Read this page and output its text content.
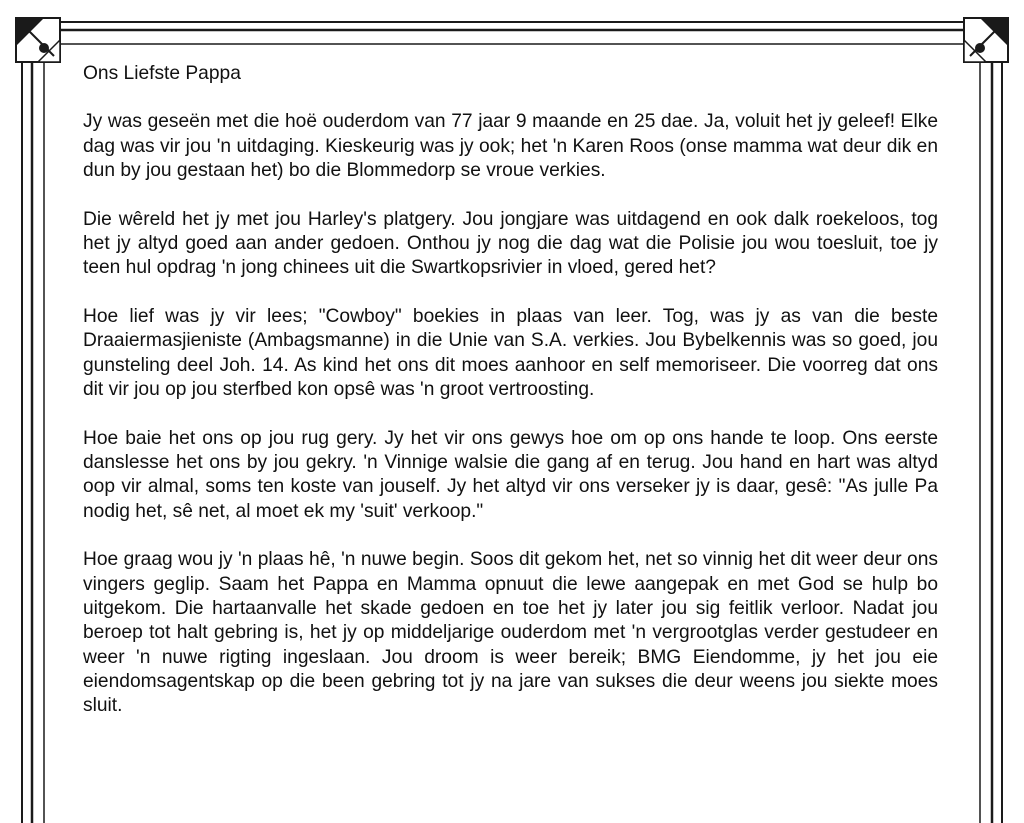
Ons Liefste Pappa

Jy was geseën met die hoë ouderdom van 77 jaar 9 maande en 25 dae. Ja, voluit het jy geleef! Elke dag was vir jou 'n uitdaging. Kieskeurig was jy ook; het 'n Karen Roos (onse mamma wat deur dik en dun by jou gestaan het) bo die Blommedorp se vroue verkies.

Die wêreld het jy met jou Harley's platgery. Jou jongjare was uitdagend en ook dalk roekeloos, tog het jy altyd goed aan ander gedoen. Onthou jy nog die dag wat die Polisie jou wou toesluit, toe jy teen hul opdrag 'n jong chinees uit die Swartkopsrivier in vloed, gered het?

Hoe lief was jy vir lees; "Cowboy" boekies in plaas van leer. Tog, was jy as van die beste Draaiermasjieniste (Ambagsmanne) in die Unie van S.A. verkies. Jou Bybelkennis was so goed, jou gunsteling deel Joh. 14. As kind het ons dit moes aanhoor en self memoriseer. Die voorreg dat ons dit vir jou op jou sterfbed kon opsê was 'n groot vertroosting.

Hoe baie het ons op jou rug gery. Jy het vir ons gewys hoe om op ons hande te loop. Ons eerste danslesse het ons by jou gekry. 'n Vinnige walsie die gang af en terug. Jou hand en hart was altyd oop vir almal, soms ten koste van jouself. Jy het altyd vir ons verseker jy is daar, gesê: "As julle Pa nodig het, sê net, al moet ek my 'suit' verkoop."

Hoe graag wou jy 'n plaas hê, 'n nuwe begin. Soos dit gekom het, net so vinnig het dit weer deur ons vingers geglip. Saam het Pappa en Mamma opnuut die lewe aangepak en met God se hulp bo uitgekom. Die hartaanvalle het skade gedoen en toe het jy later jou sig feitlik verloor. Nadat jou beroep tot halt gebring is, het jy op middeljarige ouderdom met 'n vergrootglas verder gestudeer en weer 'n nuwe rigting ingeslaan. Jou droom is weer bereik; BMG Eiendomme, jy het jou eie eiendomsagentskap op die been gebring tot jy na jare van sukses die deur weens jou siekte moes sluit.
